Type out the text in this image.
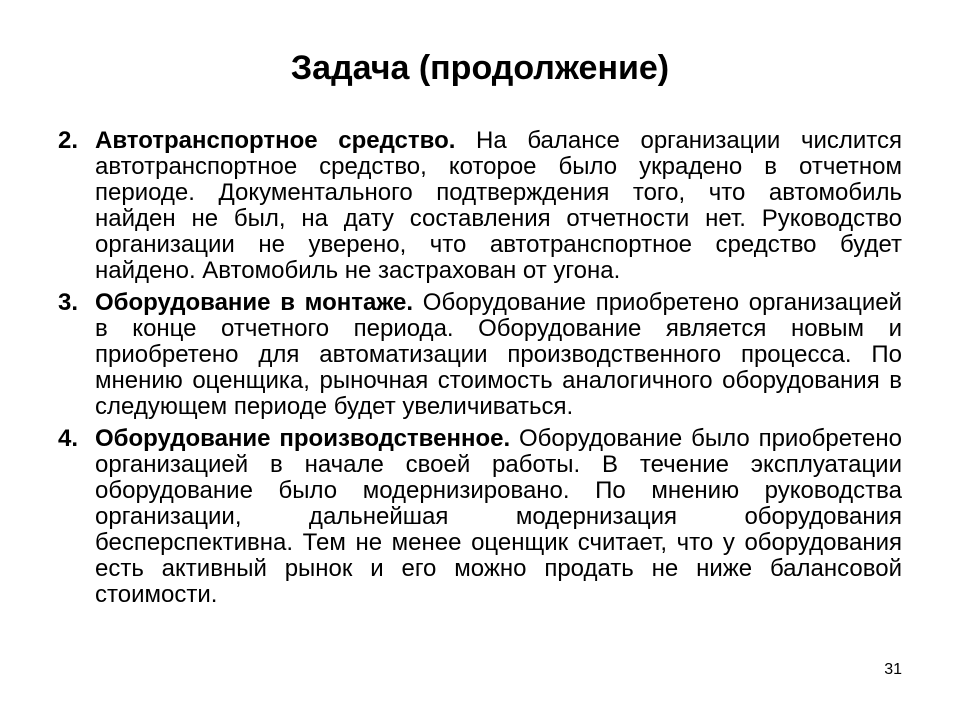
Задача (продолжение)
2. Автотранспортное средство. На балансе организации числится автотранспортное средство, которое было украдено в отчетном периоде. Документального подтверждения того, что автомобиль найден не был, на дату составления отчетности нет. Руководство организации не уверено, что автотранспортное средство будет найдено. Автомобиль не застрахован от угона.
3. Оборудование в монтаже. Оборудование приобретено организацией в конце отчетного периода. Оборудование является новым и приобретено для автоматизации производственного процесса. По мнению оценщика, рыночная стоимость аналогичного оборудования в следующем периоде будет увеличиваться.
4. Оборудование производственное. Оборудование было приобретено организацией в начале своей работы. В течение эксплуатации оборудование было модернизировано. По мнению руководства организации, дальнейшая модернизация оборудования бесперспективна. Тем не менее оценщик считает, что у оборудования есть активный рынок и его можно продать не ниже балансовой стоимости.
31
